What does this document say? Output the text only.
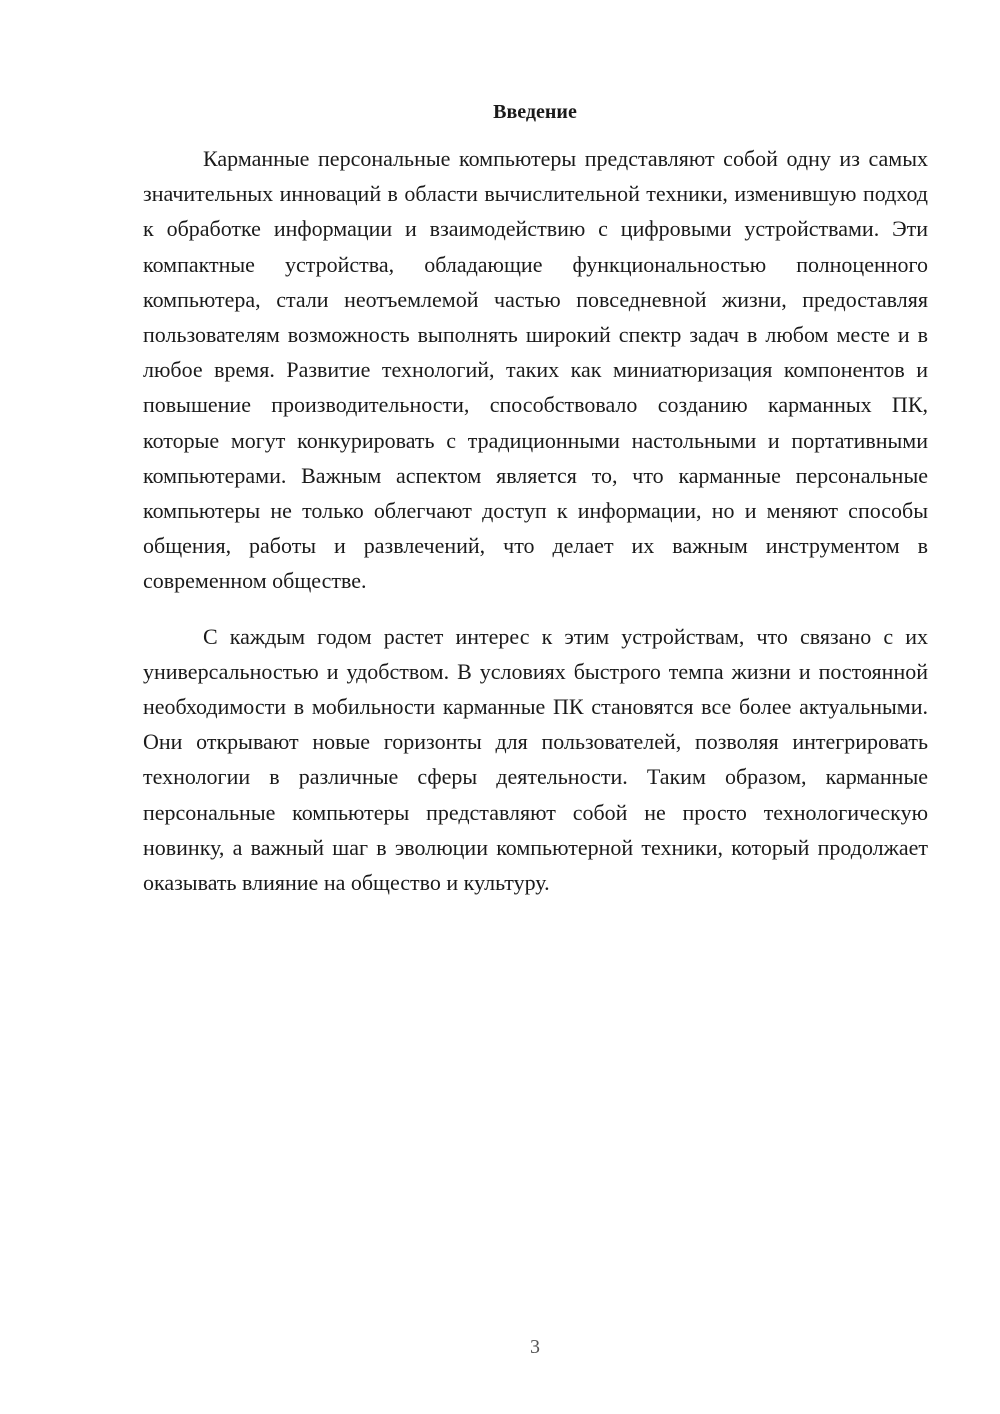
Введение

Карманные персональные компьютеры представляют собой одну из самых значительных инноваций в области вычислительной техники, изменившую подход к обработке информации и взаимодействию с цифровыми устройствами. Эти компактные устройства, обладающие функциональностью полноценного компьютера, стали неотъемлемой частью повседневной жизни, предоставляя пользователям возможность выполнять широкий спектр задач в любом месте и в любое время. Развитие технологий, таких как миниатюризация компонентов и повышение производительности, способствовало созданию карманных ПК, которые могут конкурировать с традиционными настольными и портативными компьютерами. Важным аспектом является то, что карманные персональные компьютеры не только облегчают доступ к информации, но и меняют способы общения, работы и развлечений, что делает их важным инструментом в современном обществе.

С каждым годом растет интерес к этим устройствам, что связано с их универсальностью и удобством. В условиях быстрого темпа жизни и постоянной необходимости в мобильности карманные ПК становятся все более актуальными. Они открывают новые горизонты для пользователей, позволяя интегрировать технологии в различные сферы деятельности. Таким образом, карманные персональные компьютеры представляют собой не просто технологическую новинку, а важный шаг в эволюции компьютерной техники, который продолжает оказывать влияние на общество и культуру.

3
